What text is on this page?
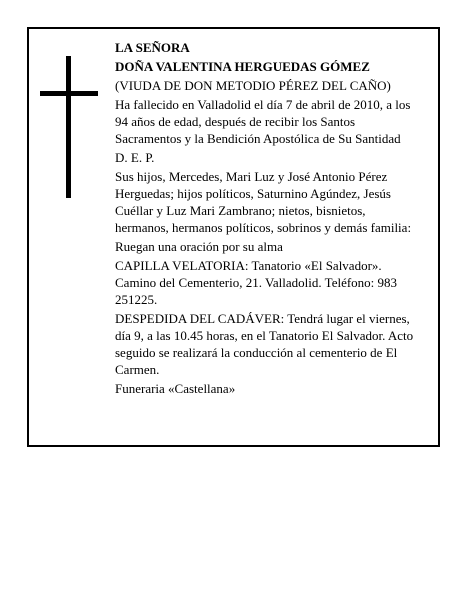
LA SEÑORA

DOÑA VALENTINA HERGUEDAS GÓMEZ

(VIUDA DE DON METODIO PÉREZ DEL CAÑO)

Ha fallecido en Valladolid el día 7 de abril de 2010, a los 94 años de edad, después de recibir los Santos Sacramentos y la Bendición Apostólica de Su Santidad

D. E. P.

Sus hijos, Mercedes, Mari Luz y José Antonio Pérez Herguedas; hijos políticos, Saturnino Agúndez, Jesús Cuéllar y Luz Mari Zambrano; nietos, bisnietos, hermanos, hermanos políticos, sobrinos y demás familia:

Ruegan una oración por su alma

CAPILLA VELATORIA: Tanatorio «El Salvador». Camino del Cementerio, 21. Valladolid. Teléfono: 983 251225.

DESPEDIDA DEL CADÁVER: Tendrá lugar el viernes, día 9, a las 10.45 horas, en el Tanatorio El Salvador. Acto seguido se realizará la conducción al cementerio de El Carmen.

Funeraria «Castellana»
